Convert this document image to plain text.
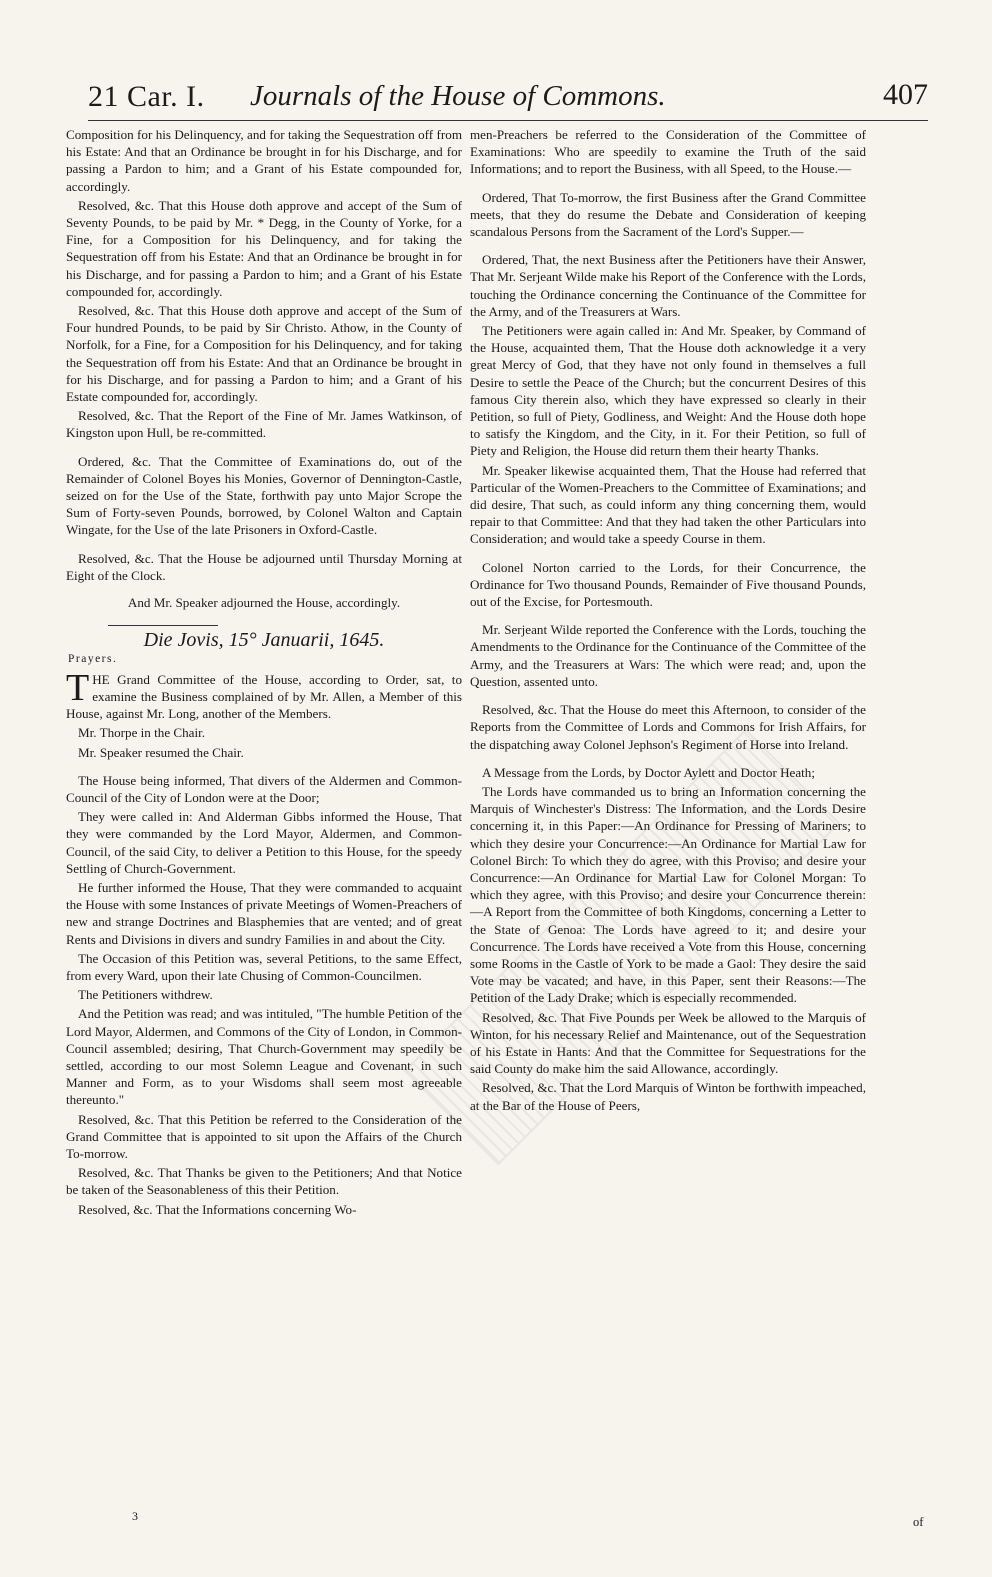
21 Car. I. Journals of the House of Commons.	407

Composition for his Delinquency, and for taking the Sequestration off from his Estate: And that an Ordinance be brought in for his Discharge, and for passing a Pardon to him; and a Grant of his Estate compounded for, accordingly.

Resolved, &c. That this House doth approve and accept of the Sum of Seventy Pounds, to be paid by Mr. * Degg, in the County of Yorke, for a Fine, for a Composition for his Delinquency, and for taking the Sequestration off from his Estate: And that an Ordinance be brought in for his Discharge, and for passing a Pardon to him; and a Grant of his Estate compounded for, accordingly.

Resolved, &c. That this House doth approve and accept of the Sum of Four hundred Pounds, to be paid by Sir Christo. Athow, in the County of Norfolk, for a Fine, for a Composition for his Delinquency, and for taking the Sequestration off from his Estate: And that an Ordinance be brought in for his Discharge, and for passing a Pardon to him; and a Grant of his Estate compounded for, accordingly.

Resolved, &c. That the Report of the Fine of Mr. James Watkinson, of Kingston upon Hull, be re-committed.

Ordered, &c. That the Committee of Examinations do, out of the Remainder of Colonel Boyes his Monies, Governor of Dennington-Castle, seized on for the Use of the State, forthwith pay unto Major Scrope the Sum of Forty-seven Pounds, borrowed, by Colonel Walton and Captain Wingate, for the Use of the late Prisoners in Oxford-Castle.

Resolved, &c. That the House be adjourned until Thursday Morning at Eight of the Clock.

And Mr. Speaker adjourned the House, accordingly.

Die Jovis, 15° Januarii, 1645.
Prayers.

THE Grand Committee of the House, according to Order, sat, to examine the Business complained of by Mr. Allen, a Member of this House, against Mr. Long, another of the Members.

Mr. Thorpe in the Chair.

Mr. Speaker resumed the Chair.

The House being informed, That divers of the Aldermen and Common-Council of the City of London were at the Door;

They were called in: And Alderman Gibbs informed the House, That they were commanded by the Lord Mayor, Aldermen, and Common-Council, of the said City, to deliver a Petition to this House, for the speedy Settling of Church-Government.

He further informed the House, That they were commanded to acquaint the House with some Instances of private Meetings of Women-Preachers of new and strange Doctrines and Blasphemies that are vented; and of great Rents and Divisions in divers and sundry Families in and about the City.

The Occasion of this Petition was, several Petitions, to the same Effect, from every Ward, upon their late Chusing of Common-Councilmen.

The Petitioners withdrew.

And the Petition was read; and was intituled, "The humble Petition of the Lord Mayor, Aldermen, and Commons of the City of London, in Common-Council assembled; desiring, That Church-Government may speedily be settled, according to our most Solemn League and Covenant, in such Manner and Form, as to your Wisdoms shall seem most agreeable thereunto."

Resolved, &c. That this Petition be referred to the Consideration of the Grand Committee that is appointed to sit upon the Affairs of the Church To-morrow.

Resolved, &c. That Thanks be given to the Petitioners; And that Notice be taken of the Seasonableness of this their Petition.

Resolved, &c. That the Informations concerning Wo-

men-Preachers be referred to the Consideration of the Committee of Examinations: Who are speedily to examine the Truth of the said Informations; and to report the Business, with all Speed, to the House.—

Ordered, That To-morrow, the first Business after the Grand Committee meets, that they do resume the Debate and Consideration of keeping scandalous Persons from the Sacrament of the Lord's Supper.—

Ordered, That, the next Business after the Petitioners have their Answer, That Mr. Serjeant Wilde make his Report of the Conference with the Lords, touching the Ordinance concerning the Continuance of the Committee for the Army, and of the Treasurers at Wars.

The Petitioners were again called in: And Mr. Speaker, by Command of the House, acquainted them, That the House doth acknowledge it a very great Mercy of God, that they have not only found in themselves a full Desire to settle the Peace of the Church; but the concurrent Desires of this famous City therein also, which they have expressed so clearly in their Petition, so full of Piety, Godliness, and Weight: And the House doth hope to satisfy the Kingdom, and the City, in it. For their Petition, so full of Piety and Religion, the House did return them their hearty Thanks.

Mr. Speaker likewise acquainted them, That the House had referred that Particular of the Women-Preachers to the Committee of Examinations; and did desire, That such, as could inform any thing concerning them, would repair to that Committee: And that they had taken the other Particulars into Consideration; and would take a speedy Course in them.

Colonel Norton carried to the Lords, for their Concurrence, the Ordinance for Two thousand Pounds, Remainder of Five thousand Pounds, out of the Excise, for Portesmouth.

Mr. Serjeant Wilde reported the Conference with the Lords, touching the Amendments to the Ordinance for the Continuance of the Committee of the Army, and the Treasurers at Wars: The which were read; and, upon the Question, assented unto.

Resolved, &c. That the House do meet this Afternoon, to consider of the Reports from the Committee of Lords and Commons for Irish Affairs, for the dispatching away Colonel Jephson's Regiment of Horse into Ireland.

A Message from the Lords, by Doctor Aylett and Doctor Heath;

The Lords have commanded us to bring an Information concerning the Marquis of Winchester's Distress: The Information, and the Lords Desire concerning it, in this Paper:—An Ordinance for Pressing of Mariners; to which they desire your Concurrence:—An Ordinance for Martial Law for Colonel Birch: To which they do agree, with this Proviso; and desire your Concurrence:—An Ordinance for Martial Law for Colonel Morgan: To which they agree, with this Proviso; and desire your Concurrence therein:—A Report from the Committee of both Kingdoms, concerning a Letter to the State of Genoa: The Lords have agreed to it; and desire your Concurrence. The Lords have received a Vote from this House, concerning some Rooms in the Castle of York to be made a Gaol: They desire the said Vote may be vacated; and have, in this Paper, sent their Reasons:—The Petition of the Lady Drake; which is especially recommended.

Resolved, &c. That Five Pounds per Week be allowed to the Marquis of Winton, for his necessary Relief and Maintenance, out of the Sequestration of his Estate in Hants: And that the Committee for Sequestrations for the said County do make him the said Allowance, accordingly.

Resolved, &c. That the Lord Marquis of Winton be forthwith impeached, at the Bar of the House of Peers,

3	of
